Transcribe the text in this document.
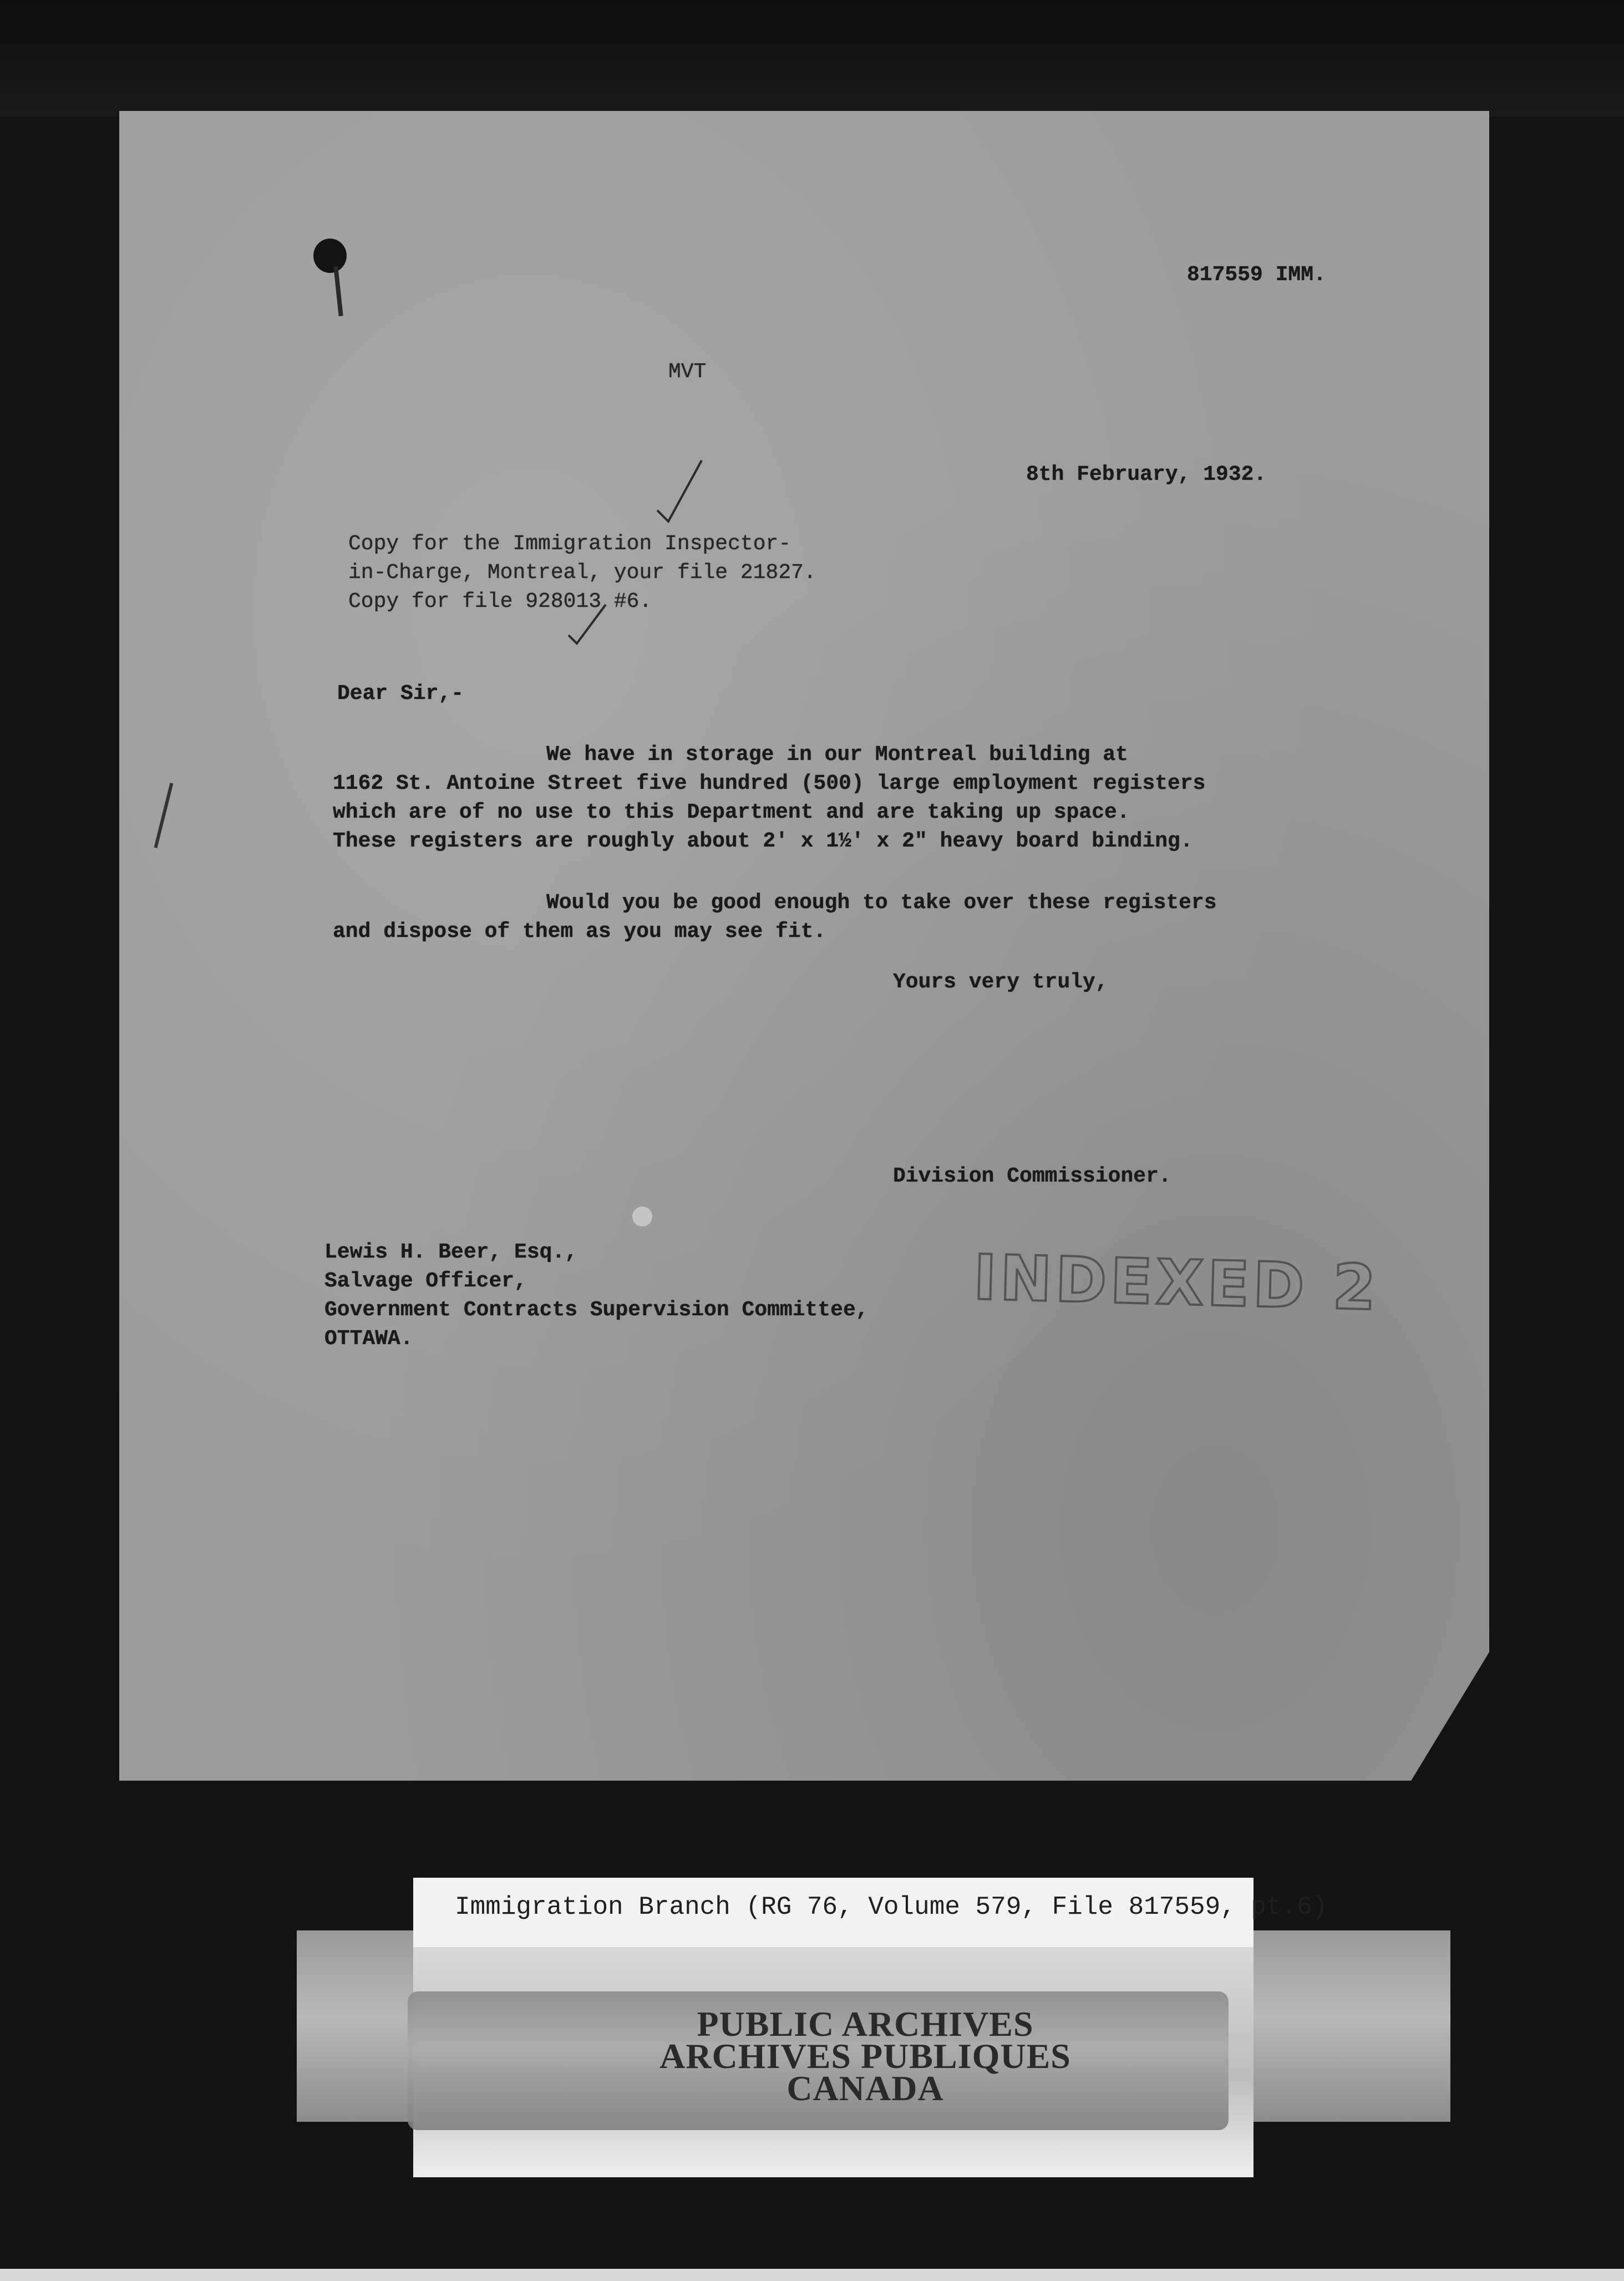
817559 IMM.
MVT
8th February, 1932.
Copy for the Immigration Inspector-
in-Charge, Montreal, your file 21827.
Copy for file 928013 #6.
Dear Sir,-
We have in storage in our Montreal building at
1162 St. Antoine Street five hundred (500) large employment registers
which are of no use to this Department and are taking up space.
These registers are roughly about 2' x 1½' x 2" heavy board binding.
Would you be good enough to take over these registers
and dispose of them as you may see fit.
Yours very truly,
Division Commissioner.
Lewis H. Beer, Esq.,
Salvage Officer,
Government Contracts Supervision Committee,
OTTAWA.
INDEXED 2
PUBLIC ARCHIVES
ARCHIVES PUBLIQUES
CANADA
Immigration Branch (RG 76, Volume 579, File 817559, pt.6)
